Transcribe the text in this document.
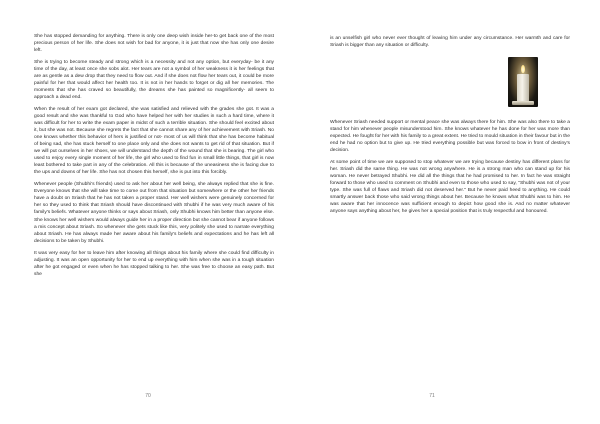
She has stopped demanding for anything. There is only one deep wish inside her-to get back one of the most precious person of her life. She does not wish for bad for anyone, it is just that now she has only one desire left.

She is trying to become steady and strong which is a necessity and not any option, but everyday- be it any time of the day, at least once she sobs alot. Her tears are not a symbol of her weakness it is her feelings that are as gentle as a dew drop that they need to flow out. And if she does not flow her tears out, it could be more painful for her that would affect her health too. It is not in her hands to forget or dig all her memories. The moments that she has craved so beautifully, the dreams she has painted so magnificently- all seem to approach a dead end.

When the result of her exam got declared, she was satisfied and relieved with the grades she got. It was a good result and she was thankful to God who have helped her with her studies in such a hard time, where it was difficult for her to write the exam paper in midst of such a terrible situation. She should feel excited about it, but she was not. Because she regrets the fact that she cannot share any of her achievement with Sriash. No one knows whether this behavior of hers is justified or not- most of us will think that she has become habitual of being sad, she has stuck herself to one place only and she does not wants to get rid of that situation. But if we will put ourselves in her shoes, we will understand the depth of the wound that she is bearing. The girl who used to enjoy every single moment of her life, the girl who used to find fun in small little things, that girl is now least bothered to take part in any of the celebration. All this is because of the uneasiness she is facing due to the ups and downs of her life. She has not chosen this herself, she is put into this forcibly.

Whenever people (Shubhi's friends) used to ask her about her well being, she always replied that she is fine. Everyone knows that she will take time to come out from that situation but somewhere or the other her friends have a doubt on Sriash that he has not taken a proper stand. Her well wishers were genuinely concerned for her so they used to think that Sriash should have discontinued with Shubhi if he was very much aware of his family's beliefs. Whatever anyone thinks or says about Sriash, only Shubhi knows him better than anyone else. She knows her well wishers would always guide her in a proper direction but she cannot bear if anyone follows a mis concept about Sriash. So whenever she gets stuck like this, very politely she used to narrate everything about Sriash. He has always made her aware about his family's beliefs and expectations and he has left all decisions to be taken by Shubhi.

It was very easy for her to leave him after knowing all things about his family where she could find difficulty in adjusting. It was an open opportunity for her to end up everything with him when she was in a tough situation after he got engaged or even when he has stopped talking to her. She was free to choose an easy path. But she

70

is an unselfish girl who never ever thought of leaving him under any circumstance. Her warmth and care for Sriash is bigger than any situation or difficulty.

Whenever Sriash needed support or mental peace she was always there for him. She was also there to take a stand for him whenever people misunderstood him. She knows whatever he has done for her was more than expected. He fought for her with his family to a great extent. He tried to mould situation in their favour but in the end he had no option but to give up. He tried everything possible but was forced to bow in front of destiny's decision.

At some point of time we are supposed to stop whatever we are trying because destiny has different plans for her. Sriash did the same thing. He was not wrong anywhere. He is a strong man who can stand up for his woman. He never betrayed Shubhi. He did all the things that he had promised to her. In fact he was straight forward to those who used to comment on Shubhi and even to those who used to say, "Shubhi was not of your type. She was full of flaws and Sriash did not deserved her." But he never paid heed to anything. He could smartly answer back those who said wrong things about her. Because he knows what Shubhi was to him. He was aware that her innocence was sufficient enough to depict how good she is. And no matter whatever anyone says anything about her, he gives her a special position that is truly respectful and honoured.

71
